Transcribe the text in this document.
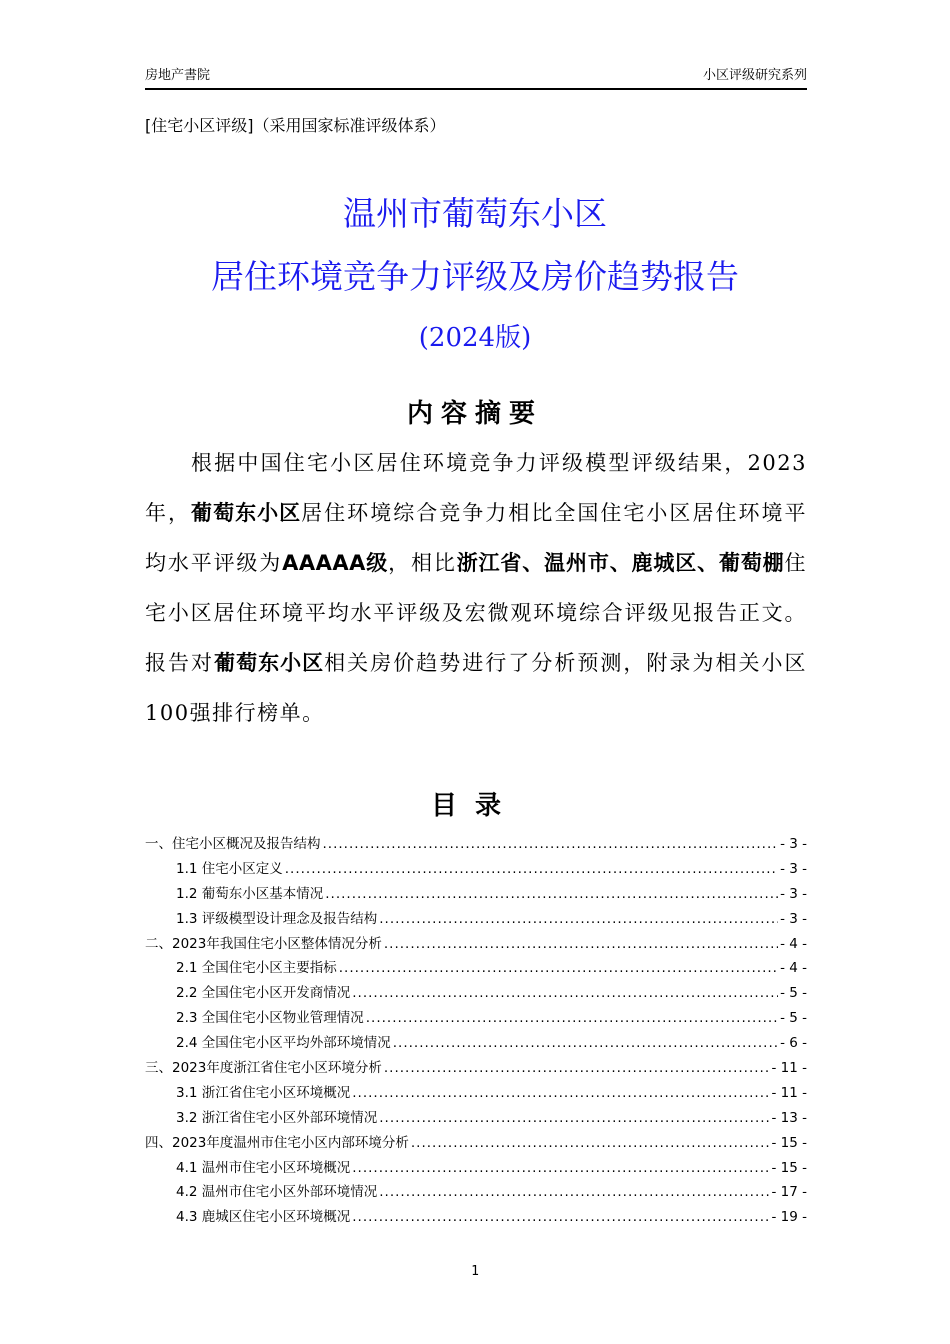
房地产書院	小区评级研究系列
[住宅小区评级]（采用国家标准评级体系）
温州市葡萄东小区
居住环境竞争力评级及房价趋势报告
(2024版)
内容摘要
根据中国住宅小区居住环境竞争力评级模型评级结果，2023年，葡萄东小区居住环境综合竞争力相比全国住宅小区居住环境平均水平评级为AAAAA级，相比浙江省、温州市、鹿城区、葡萄棚住宅小区居住环境平均水平评级及宏微观环境综合评级见报告正文。报告对葡萄东小区相关房价趋势进行了分析预测，附录为相关小区100强排行榜单。
目录
一、住宅小区概况及报告结构 .....	- 3 -
1.1 住宅小区定义 .....	- 3 -
1.2 葡萄东小区基本情况 .....	- 3 -
1.3 评级模型设计理念及报告结构 .....	- 3 -
二、2023年我国住宅小区整体情况分析 .....	- 4 -
2.1 全国住宅小区主要指标 .....	- 4 -
2.2 全国住宅小区开发商情况 .....	- 5 -
2.3 全国住宅小区物业管理情况 .....	- 5 -
2.4 全国住宅小区平均外部环境情况 .....	- 6 -
三、2023年度浙江省住宅小区环境分析 .....	- 11 -
3.1 浙江省住宅小区环境概况 .....	- 11 -
3.2 浙江省住宅小区外部环境情况 .....	- 13 -
四、2023年度温州市住宅小区内部环境分析 .....	- 15 -
4.1 温州市住宅小区环境概况 .....	- 15 -
4.2 温州市住宅小区外部环境情况 .....	- 17 -
4.3 鹿城区住宅小区环境概况 .....	- 19 -
1
